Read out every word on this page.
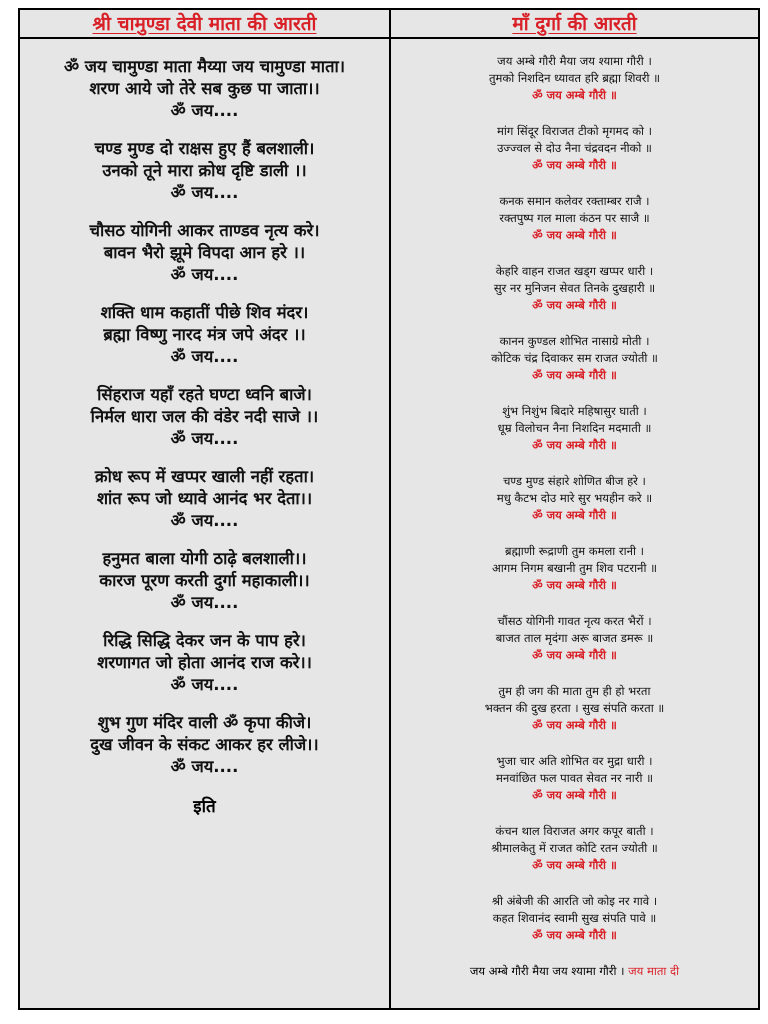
श्री चामुण्डा देवी माता की आरती
ॐ जय चामुण्डा माता मैय्या जय चामुण्डा माता।
शरण आये जो तेरे सब कुछ पा जाता।।
ॐ जय....
चण्ड मुण्ड दो राक्षस हुए हैं बलशाली।
उनको तूने मारा क्रोध दृष्टि डाली ।।
ॐ जय....
चौसठ योगिनी आकर ताण्डव नृत्य करे।
बावन भैरो झूमे विपदा आन हरे ।।
ॐ जय....
शक्ति धाम कहातीं पीछे शिव मंदर।
ब्रह्मा विष्णु नारद मंत्र जपे अंदर ।।
ॐ जय....
सिंहराज यहाँ रहते घण्टा ध्वनि बाजे।
निर्मल धारा जल की वंडेर नदी साजे ।।
ॐ जय....
क्रोध रूप में खप्पर खाली नहीं रहता।
शांत रूप जो ध्यावे आनंद भर देता।।
ॐ जय....
हनुमत बाला योगी ठाढ़े बलशाली।।
कारज पूरण करती दुर्गा महाकाली।।
ॐ जय....
रिद्धि सिद्धि देकर जन के पाप हरे।
शरणागत जो होता आनंद राज करे।।
ॐ जय....
शुभ गुण मंदिर वाली ॐ कृपा कीजे।
दुख जीवन के संकट आकर हर लीजे।।
ॐ जय....
इति
माँ दुर्गा की आरती
जय अम्बे गौरी मैया जय श्यामा गौरी ।
तुमको निशदिन ध्यावत हरि ब्रह्मा शिवरी ॥
ॐ जय अम्बे गौरी ॥
मांग सिंदूर विराजत टीको मृगमद को ।
उज्ज्वल से दोउ नैना चंद्रवदन नीको ॥
ॐ जय अम्बे गौरी ॥
कनक समान कलेवर रक्ताम्बर राजै ।
रक्तपुष्प गल माला कंठन पर साजै ॥
ॐ जय अम्बे गौरी ॥
केहरि वाहन राजत खड्ग खप्पर धारी ।
सुर नर मुनिजन सेवत तिनके दुखहारी ॥
ॐ जय अम्बे गौरी ॥
कानन कुण्डल शोभित नासाग्रे मोती ।
कोटिक चंद्र दिवाकर सम राजत ज्योती ॥
ॐ जय अम्बे गौरी ॥
शुंभ निशुंभ बिदारे महिषासुर घाती ।
धूम्र विलोचन नैना निशदिन मदमाती ॥
ॐ जय अम्बे गौरी ॥
चण्ड मुण्ड संहारे शोणित बीज हरे ।
मधु कैटभ दोउ मारे सुर भयहीन करे ॥
ॐ जय अम्बे गौरी ॥
ब्रह्माणी रूद्राणी तुम कमला रानी ।
आगम निगम बखानी तुम शिव पटरानी ॥
ॐ जय अम्बे गौरी ॥
चौंसठ योगिनी गावत नृत्य करत भैरों ।
बाजत ताल मृदंगा अरू बाजत डमरू ॥
ॐ जय अम्बे गौरी ॥
तुम ही जग की माता तुम ही हो भरता
भक्तन की दुख हरता । सुख संपति करता ॥
ॐ जय अम्बे गौरी ॥
भुजा चार अति शोभित वर मुद्रा धारी ।
मनवांछित फल पावत सेवत नर नारी ॥
ॐ जय अम्बे गौरी ॥
कंचन थाल विराजत अगर कपूर बाती ।
श्रीमालकेतु में राजत कोटि रतन ज्योती ॥
ॐ जय अम्बे गौरी ॥
श्री अंबेजी की आरति जो कोइ नर गावे ।
कहत शिवानंद स्वामी सुख संपति पावे ॥
ॐ जय अम्बे गौरी ॥
जय अम्बे गौरी मैया जय श्यामा गौरी । जय माता दी
